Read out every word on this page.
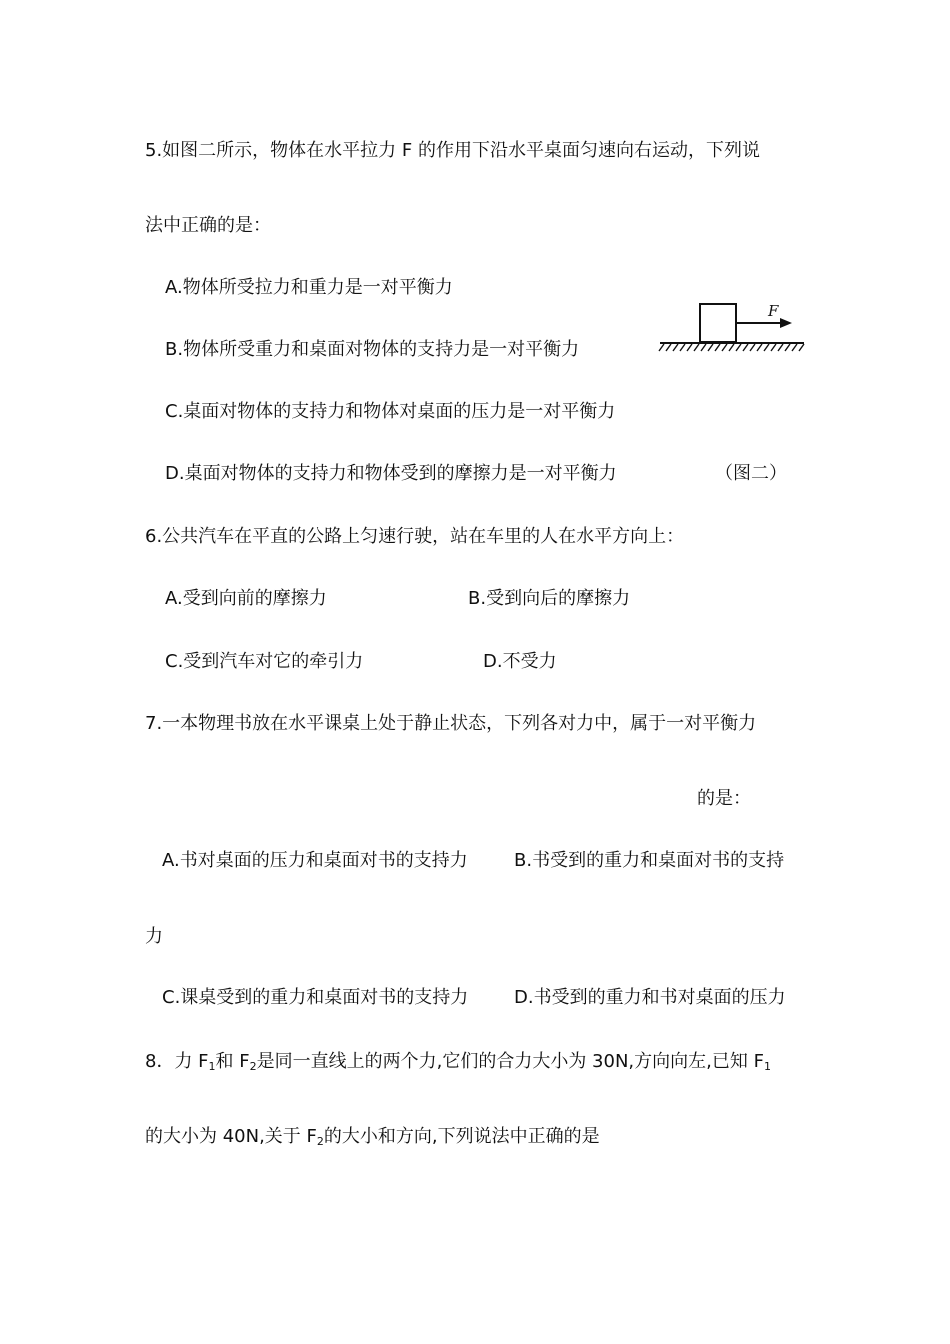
5.如图二所示，物体在水平拉力 F 的作用下沿水平桌面匀速向右运动，下列说
法中正确的是：
A.物体所受拉力和重力是一对平衡力
B.物体所受重力和桌面对物体的支持力是一对平衡力
C.桌面对物体的支持力和物体对桌面的压力是一对平衡力
D.桌面对物体的支持力和物体受到的摩擦力是一对平衡力	（图二）
F
6.公共汽车在平直的公路上匀速行驶，站在车里的人在水平方向上：
A.受到向前的摩擦力	B.受到向后的摩擦力
C.受到汽车对它的牵引力	D.不受力
7.一本物理书放在水平课桌上处于静止状态，下列各对力中，属于一对平衡力
的是：
A.书对桌面的压力和桌面对书的支持力	B.书受到的重力和桌面对书的支持
力
C.课桌受到的重力和桌面对书的支持力	D.书受到的重力和书对桌面的压力
8．力 $F_1$和 $F_2$是同一直线上的两个力,它们的合力大小为 30N,方向向左,已知 $F_1$
的大小为 40N,关于 $F_2$的大小和方向,下列说法中正确的是
